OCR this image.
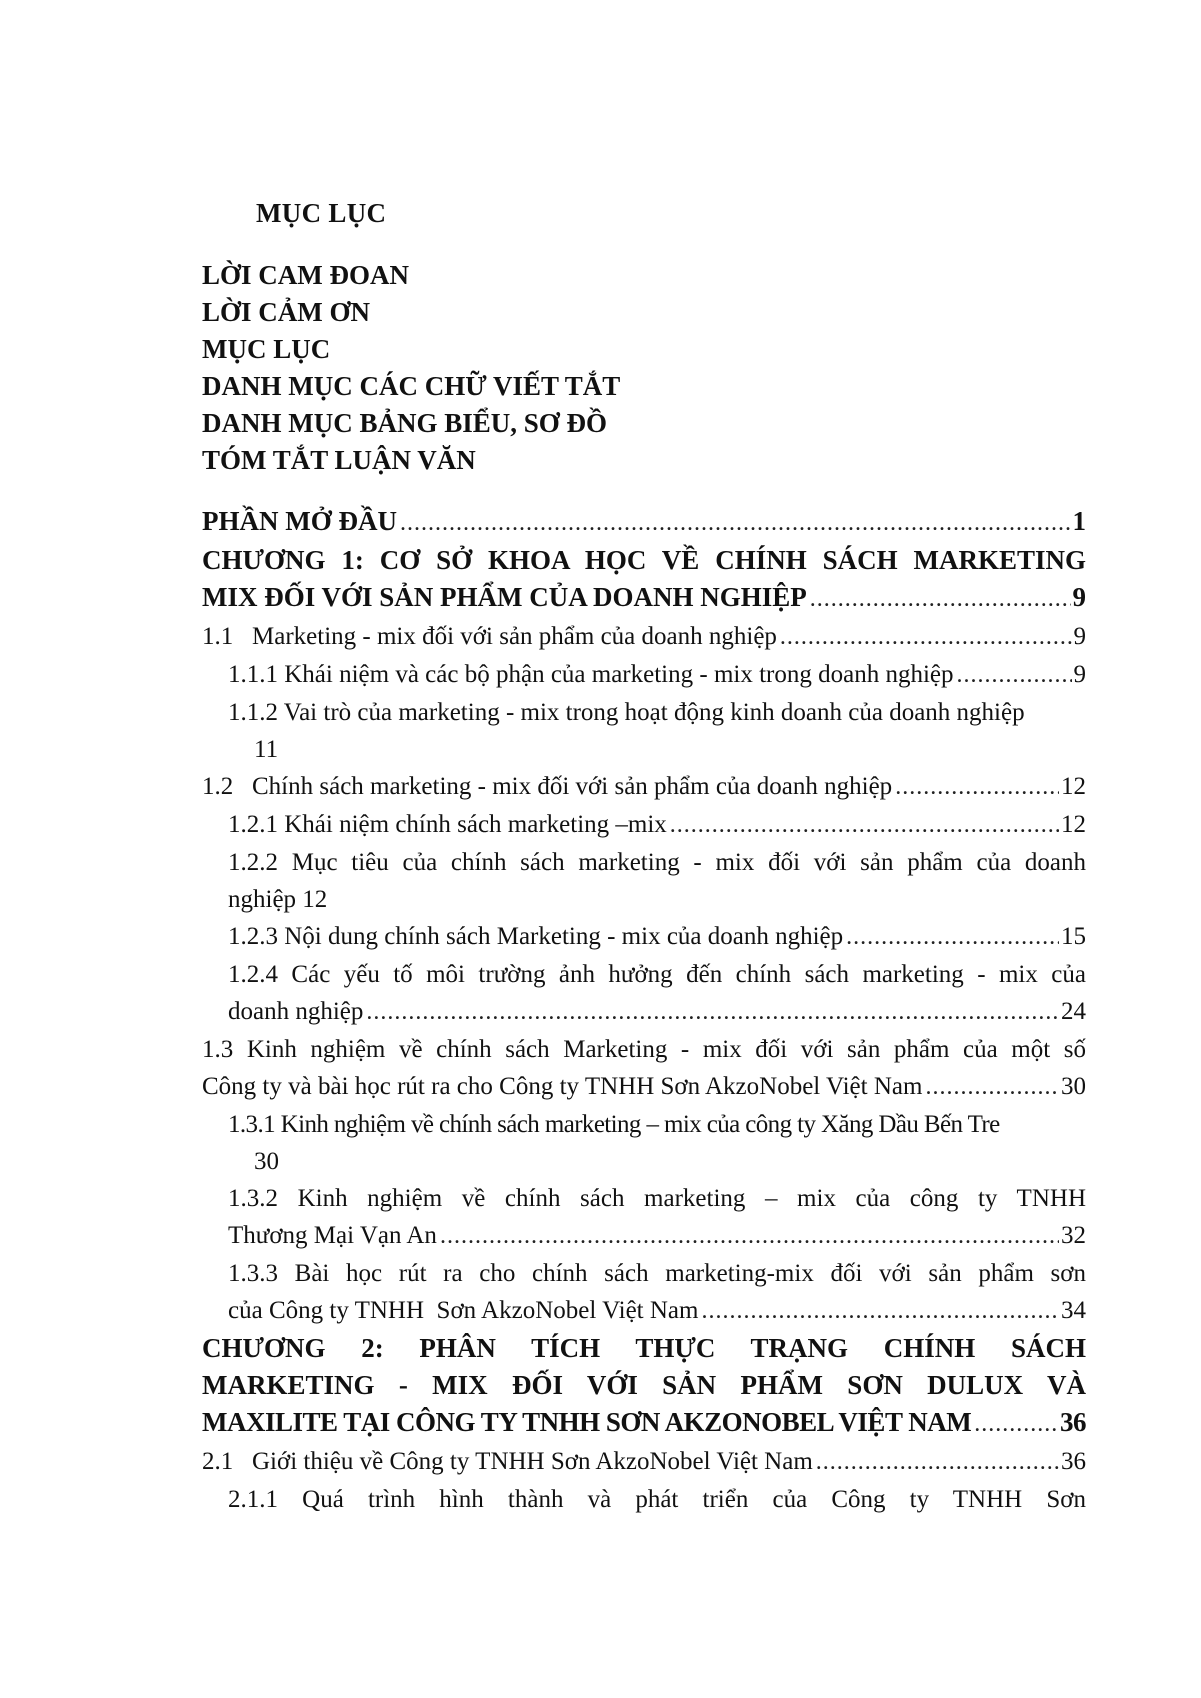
MỤC LỤC
LỜI CAM ĐOAN
LỜI CẢM ƠN
MỤC LỤC
DANH MỤC CÁC CHỮ VIẾT TẮT
DANH MỤC BẢNG BIỂU, SƠ ĐỒ
TÓM TẮT LUẬN VĂN
PHẦN MỞ ĐẦU .....	1
CHƯƠNG 1: CƠ SỞ KHOA HỌC VỀ CHÍNH SÁCH MARKETING
MIX ĐỐI VỚI SẢN PHẨM CỦA DOANH NGHIỆP .....	9
1.1 Marketing - mix đối với sản phẩm của doanh nghiệp .....	9
1.1.1 Khái niệm và các bộ phận của marketing - mix trong doanh nghiệp .....	9
1.1.2 Vai trò của marketing - mix trong hoạt động kinh doanh của doanh nghiệp
11
1.2 Chính sách marketing - mix đối với sản phẩm của doanh nghiệp .....	12
1.2.1 Khái niệm chính sách marketing –mix .....	12
1.2.2 Mục tiêu của chính sách marketing - mix đối với sản phẩm của doanh
nghiệp 12
1.2.3 Nội dung chính sách Marketing - mix của doanh nghiệp .....	15
1.2.4 Các yếu tố môi trường ảnh hưởng đến chính sách marketing - mix của
doanh nghiệp .....	24
1.3 Kinh nghiệm về chính sách Marketing - mix đối với sản phẩm của một số
Công ty và bài học rút ra cho Công ty TNHH Sơn AkzoNobel Việt Nam .....	30
1.3.1 Kinh nghiệm về chính sách marketing – mix của công ty Xăng Dầu Bến Tre
30
1.3.2 Kinh nghiệm về chính sách marketing – mix của công ty TNHH
Thương Mại Vạn An .....	32
1.3.3 Bài học rút ra cho chính sách marketing-mix đối với sản phẩm sơn
của Công ty TNHH  Sơn AkzoNobel Việt Nam .....	34
CHƯƠNG 2: PHÂN TÍCH THỰC TRẠNG CHÍNH SÁCH
MARKETING - MIX ĐỐI VỚI SẢN PHẨM SƠN DULUX VÀ
MAXILITE TẠI CÔNG TY TNHH SƠN AKZONOBEL VIỆT NAM .....	36
2.1 Giới thiệu về Công ty TNHH Sơn AkzoNobel Việt Nam .....	36
2.1.1 Quá trình hình thành và phát triển của Công ty TNHH Sơn
